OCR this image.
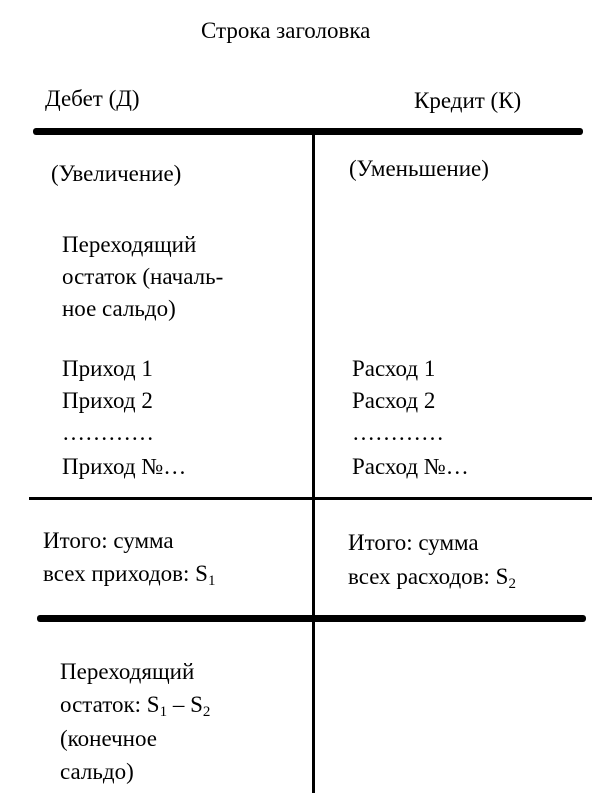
Строка заголовка
Дебет (Д)	Кредит (К)
(Увеличение)
Переходящий
остаток (началь-
ное сальдо)
Приход 1
Приход 2
…………
Приход №…
Итого: сумма
всех приходов: $S_1$
Переходящий
остаток: $S_1 - S_2$
(конечное
сальдо)
(Уменьшение)
Расход 1
Расход 2
…………
Расход №…
Итого: сумма
всех расходов: $S_2$
